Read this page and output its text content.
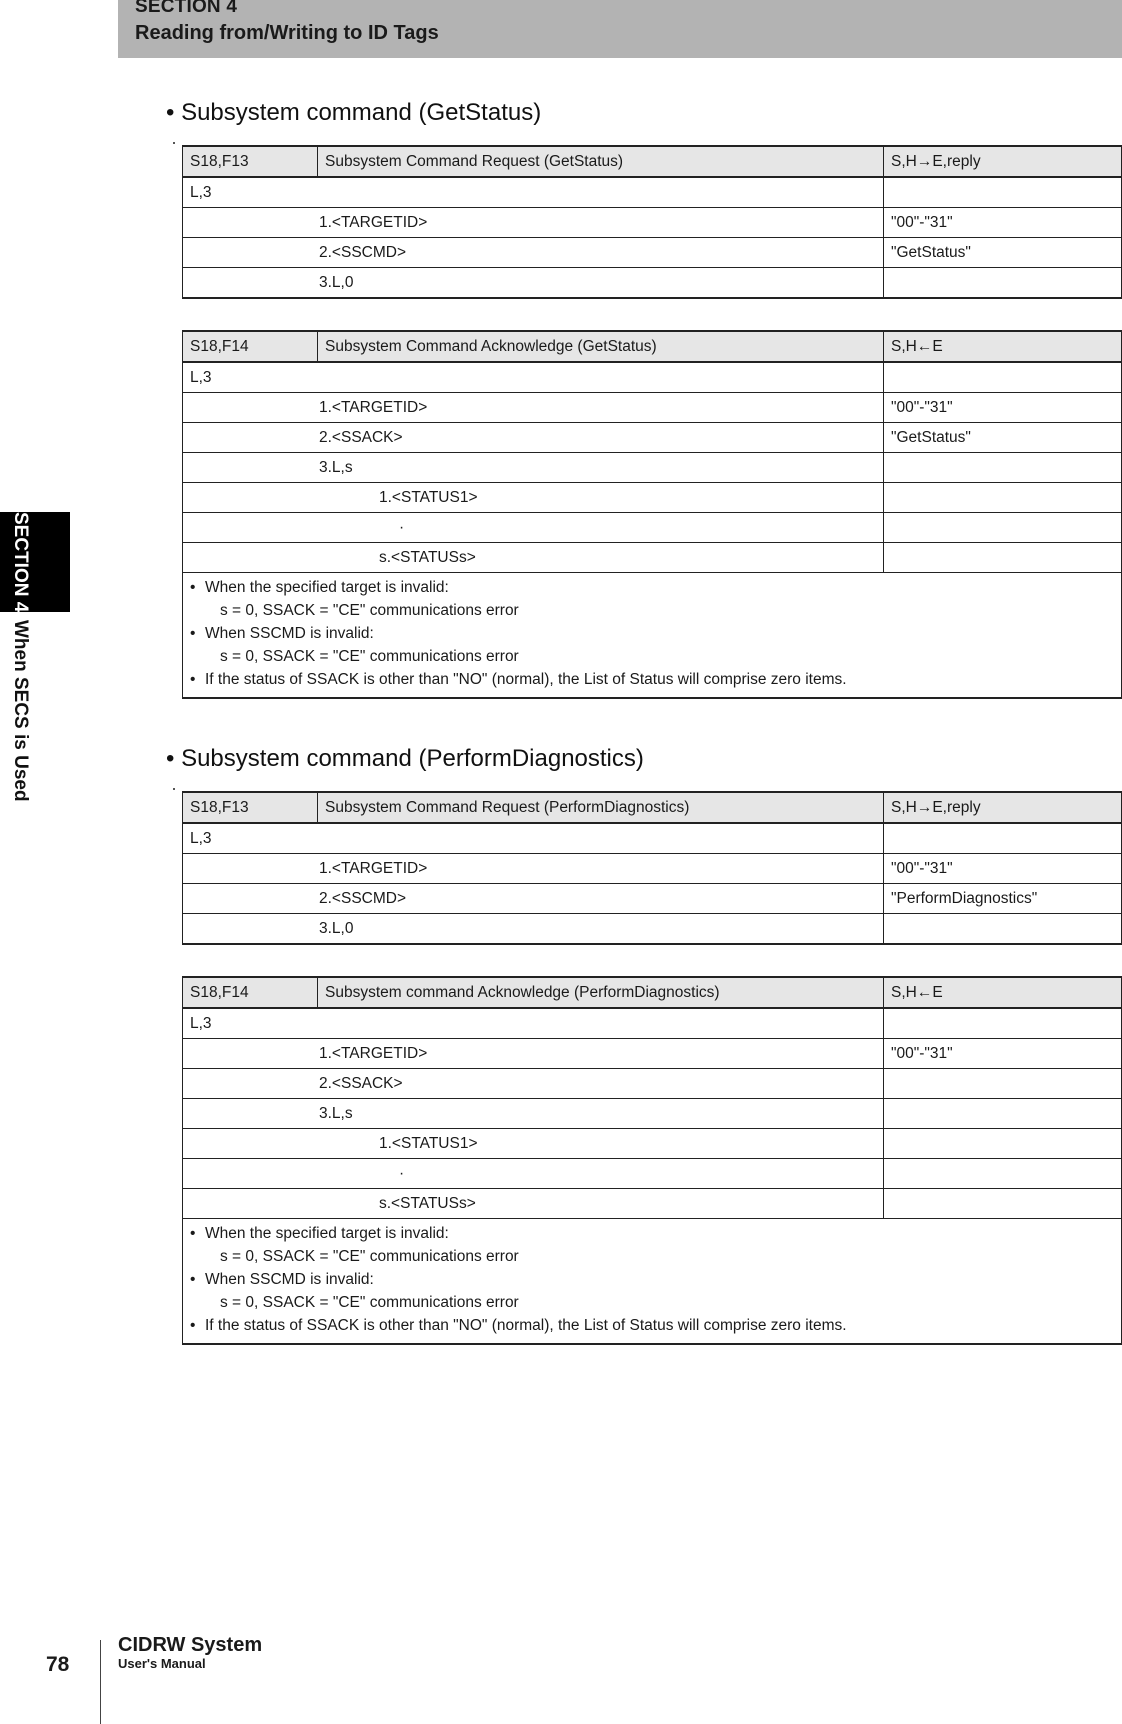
SECTION 4
Reading from/Writing to ID Tags
SECTION 4When SECS is Used
• Subsystem command (GetStatus)
S18,F13	Subsystem Command Request (GetStatus)	S,H→E,reply
L,3		
1.<TARGETID>		"00"-"31"
2.<SSCMD>		"GetStatus"
3.L,0		
S18,F14	Subsystem Command Acknowledge (GetStatus)	S,H←E
L,3		
1.<TARGETID>		"00"-"31"
2.<SSACK>		"GetStatus"
3.L,s		
1.<STATUS1>		
·		
s.<STATUSs>		

• When the specified target is invalid:
s = 0, SSACK = "CE" communications error
• When SSCMD is invalid:
s = 0, SSACK = "CE" communications error
• If the status of SSACK is other than "NO" (normal), the List of Status will comprise zero items.		
• Subsystem command (PerformDiagnostics)
S18,F13	Subsystem Command Request (PerformDiagnostics)	S,H→E,reply
L,3		
1.<TARGETID>		"00"-"31"
2.<SSCMD>		"PerformDiagnostics"
3.L,0		
S18,F14	Subsystem command Acknowledge (PerformDiagnostics)	S,H←E
L,3		
1.<TARGETID>		"00"-"31"
2.<SSACK>		
3.L,s		
1.<STATUS1>		
·		
s.<STATUSs>		

• When the specified target is invalid:
s = 0, SSACK = "CE" communications error
• When SSCMD is invalid:
s = 0, SSACK = "CE" communications error
• If the status of SSACK is other than "NO" (normal), the List of Status will comprise zero items.		
78
CIDRW System
User's Manual
